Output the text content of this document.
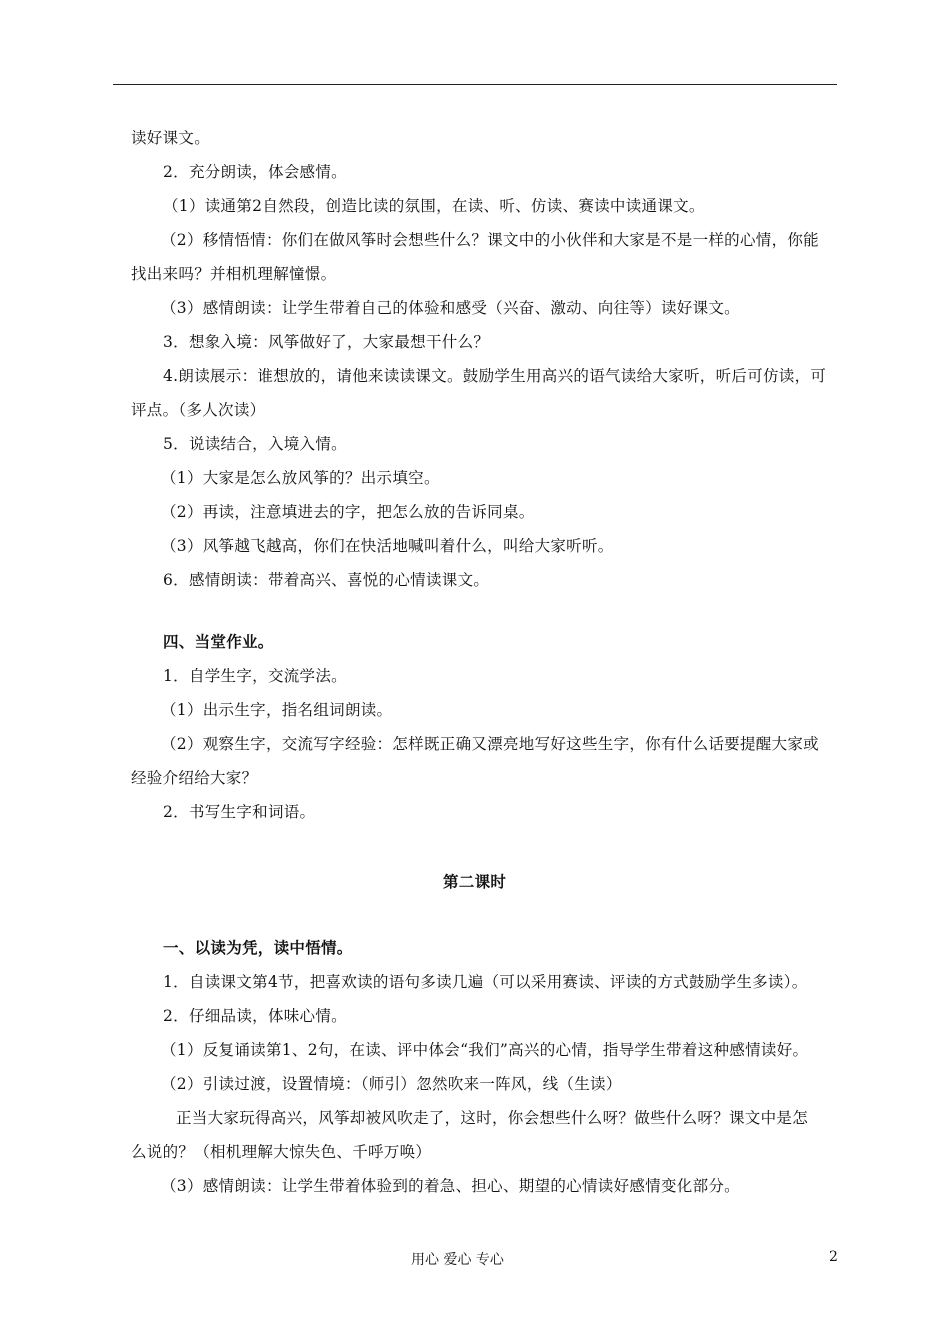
读好课文。
2．充分朗读，体会感情。
（1）读通第2自然段，创造比读的氛围，在读、听、仿读、赛读中读通课文。
（2）移情悟情：你们在做风筝时会想些什么？课文中的小伙伴和大家是不是一样的心情，你能
找出来吗？并相机理解憧憬。
（3）感情朗读：让学生带着自己的体验和感受（兴奋、激动、向往等）读好课文。
3．想象入境：风筝做好了，大家最想干什么？
4.朗读展示：谁想放的，请他来读读课文。鼓励学生用高兴的语气读给大家听，听后可仿读，可
评点。（多人次读）
5．说读结合，入境入情。
（1）大家是怎么放风筝的？出示填空。
（2）再读，注意填进去的字，把怎么放的告诉同桌。
（3）风筝越飞越高，你们在快活地喊叫着什么，叫给大家听听。
6．感情朗读：带着高兴、喜悦的心情读课文。
四、当堂作业。
1．自学生字，交流学法。
（1）出示生字，指名组词朗读。
（2）观察生字，交流写字经验：怎样既正确又漂亮地写好这些生字，你有什么话要提醒大家或
经验介绍给大家？
2．书写生字和词语。
第二课时
一、以读为凭，读中悟情。
1．自读课文第4节，把喜欢读的语句多读几遍（可以采用赛读、评读的方式鼓励学生多读）。
2．仔细品读，体味心情。
（1）反复诵读第1、2句，在读、评中体会“我们”高兴的心情，指导学生带着这种感情读好。
（2）引读过渡，设置情境：（师引）忽然吹来一阵风，线（生读）
正当大家玩得高兴，风筝却被风吹走了，这时，你会想些什么呀？做些什么呀？课文中是怎
么说的？（相机理解大惊失色、千呼万唤）
（3）感情朗读：让学生带着体验到的着急、担心、期望的心情读好感情变化部分。
用心 爱心 专心	2
